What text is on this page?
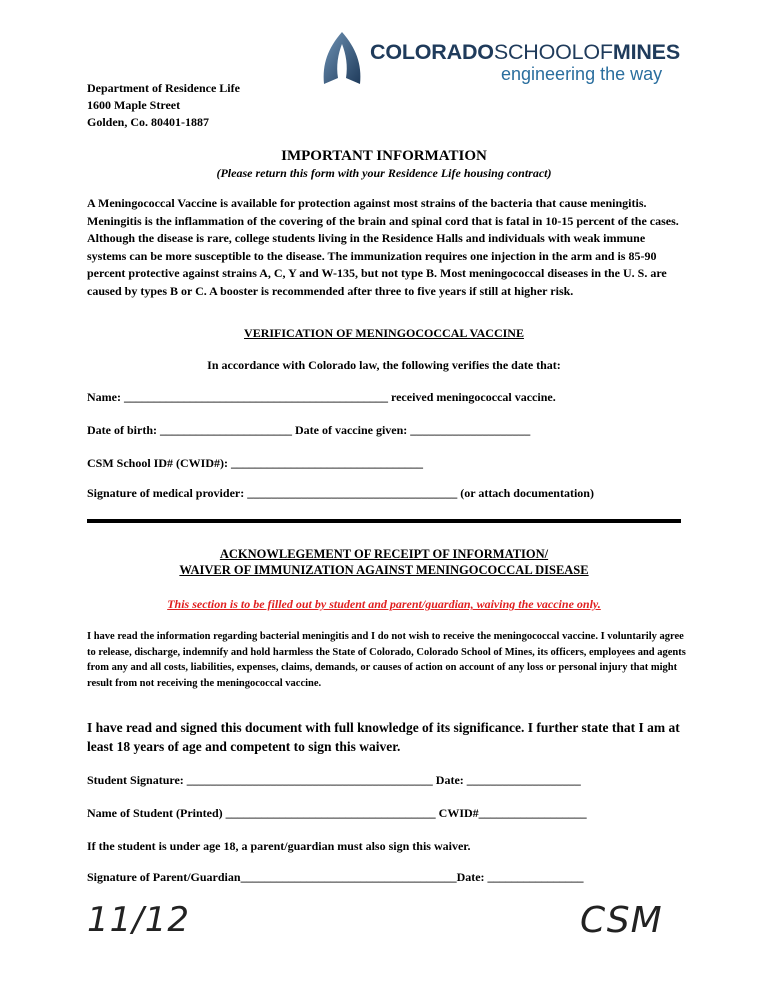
COLORADOSCHOOLOFMINES
engineering the way
Department of Residence Life
1600 Maple Street
Golden, Co. 80401-1887
IMPORTANT INFORMATION
(Please return this form with your Residence Life housing contract)
A Meningococcal Vaccine is available for protection against most strains of the bacteria that cause meningitis. Meningitis is the inflammation of the covering of the brain and spinal cord that is fatal in 10-15 percent of the cases. Although the disease is rare, college students living in the Residence Halls and individuals with weak immune systems can be more susceptible to the disease. The immunization requires one injection in the arm and is 85-90 percent protective against strains A, C, Y and W-135, but not type B. Most meningococcal diseases in the U. S. are caused by types B or C. A booster is recommended after three to five years if still at higher risk.
VERIFICATION OF MENINGOCOCCAL VACCINE
In accordance with Colorado law, the following verifies the date that:
Name: ____________________________________________ received meningococcal vaccine.
Date of birth: ______________________ Date of vaccine given: ____________________
CSM School ID# (CWID#): ________________________________
Signature of medical provider: ___________________________________ (or attach documentation)
ACKNOWLEGEMENT OF RECEIPT OF INFORMATION/
WAIVER OF IMMUNIZATION AGAINST MENINGOCOCCAL DISEASE
This section is to be filled out by student and parent/guardian, waiving the vaccine only.
I have read the information regarding bacterial meningitis and I do not wish to receive the meningococcal vaccine. I voluntarily agree to release, discharge, indemnify and hold harmless the State of Colorado, Colorado School of Mines, its officers, employees and agents from any and all costs, liabilities, expenses, claims, demands, or causes of action on account of any loss or personal injury that might result from not receiving the meningococcal vaccine.
I have read and signed this document with full knowledge of its significance. I further state that I am at least 18 years of age and competent to sign this waiver.
Student Signature: _________________________________________ Date: ___________________
Name of Student (Printed) ___________________________________ CWID#__________________
If the student is under age 18, a parent/guardian must also sign this waiver.
Signature of Parent/Guardian____________________________________Date: ________________
11/12	CSM
